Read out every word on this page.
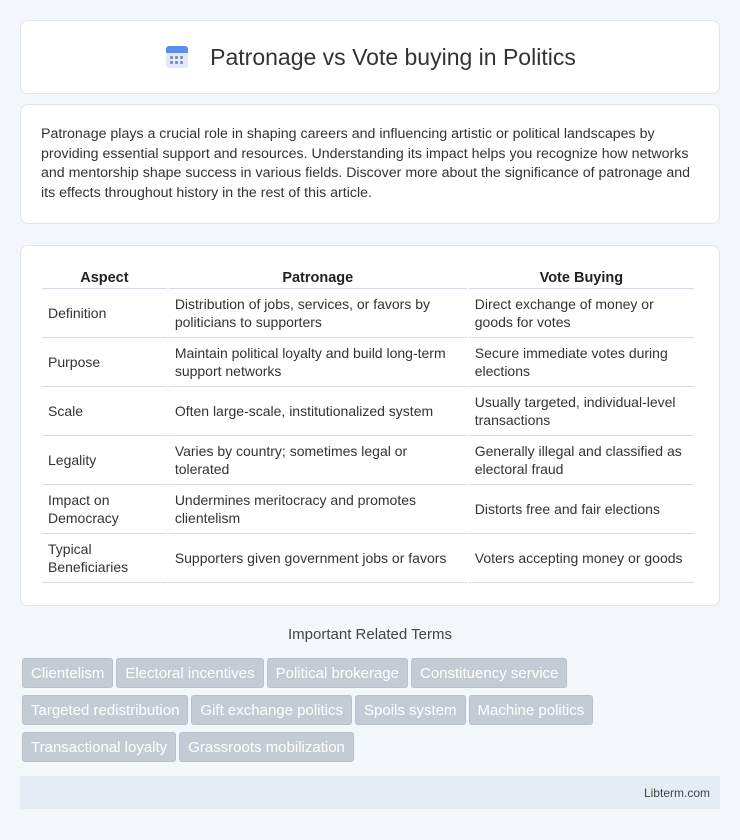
Patronage vs Vote buying in Politics

Patronage plays a crucial role in shaping careers and influencing artistic or political landscapes by providing essential support and resources. Understanding its impact helps you recognize how networks and mentorship shape success in various fields. Discover more about the significance of patronage and its effects throughout history in the rest of this article.

Aspect	Patronage	Vote Buying
Definition	Distribution of jobs, services, or favors by politicians to supporters	Direct exchange of money or goods for votes
Purpose	Maintain political loyalty and build long-term support networks	Secure immediate votes during elections
Scale	Often large-scale, institutionalized system	Usually targeted, individual-level transactions
Legality	Varies by country; sometimes legal or tolerated	Generally illegal and classified as electoral fraud
Impact on Democracy	Undermines meritocracy and promotes clientelism	Distorts free and fair elections
Typical Beneficiaries	Supporters given government jobs or favors	Voters accepting money or goods
Important Related Terms
Clientelism Electoral incentives Political brokerage Constituency service
Targeted redistribution Gift exchange politics Spoils system Machine politics
Transactional loyalty Grassroots mobilization
Libterm.com
